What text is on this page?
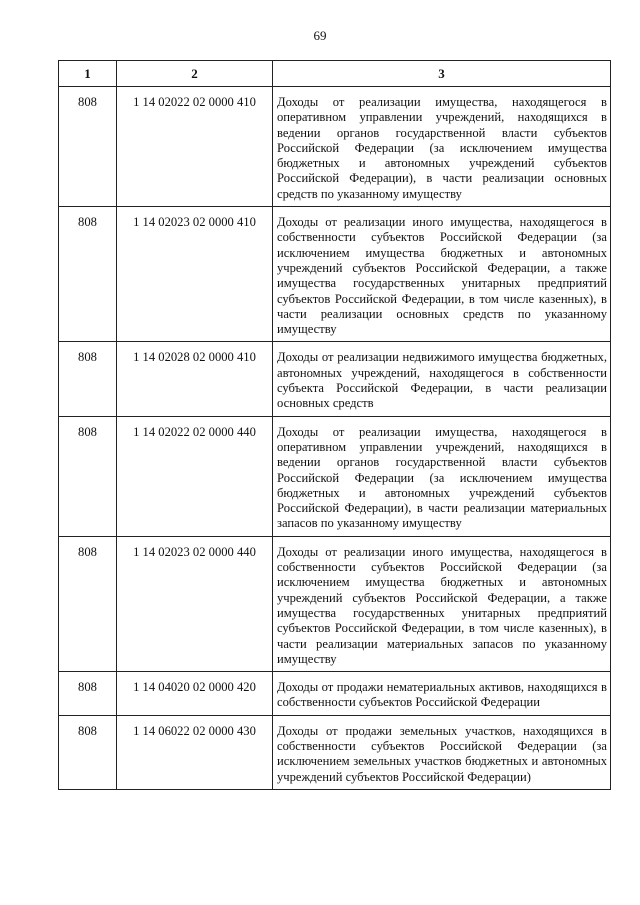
69
1	2	3
808	1 14 02022 02 0000 410	Доходы от реализации имущества, находящегося в оперативном управлении учреждений, находящихся в ведении органов государственной власти субъектов Российской Федерации (за исключением имущества бюджетных и автономных учреждений субъектов Российской Федерации), в части реализации основных средств по указанному имуществу
808	1 14 02023 02 0000 410	Доходы от реализации иного имущества, находящегося в собственности субъектов Российской Федерации (за исключением имущества бюджетных и автономных учреждений субъектов Российской Федерации, а также имущества государственных унитарных предприятий субъектов Российской Федерации, в том числе казенных), в части реализации основных средств по указанному имуществу
808	1 14 02028 02 0000 410	Доходы от реализации недвижимого имущества бюджетных, автономных учреждений, находящегося в собственности субъекта Российской Федерации, в части реализации основных средств
808	1 14 02022 02 0000 440	Доходы от реализации имущества, находящегося в оперативном управлении учреждений, находящихся в ведении органов государственной власти субъектов Российской Федерации (за исключением имущества бюджетных и автономных учреждений субъектов Российской Федерации), в части реализации материальных запасов по указанному имуществу
808	1 14 02023 02 0000 440	Доходы от реализации иного имущества, находящегося в собственности субъектов Российской Федерации (за исключением имущества бюджетных и автономных учреждений субъектов Российской Федерации, а также имущества государственных унитарных предприятий субъектов Российской Федерации, в том числе казенных), в части реализации материальных запасов по указанному имуществу
808	1 14 04020 02 0000 420	Доходы от продажи нематериальных активов, находящихся в собственности субъектов Российской Федерации
808	1 14 06022 02 0000 430	Доходы от продажи земельных участков, находящихся в собственности субъектов Российской Федерации (за исключением земельных участков бюджетных и автономных учреждений субъектов Российской Федерации)
